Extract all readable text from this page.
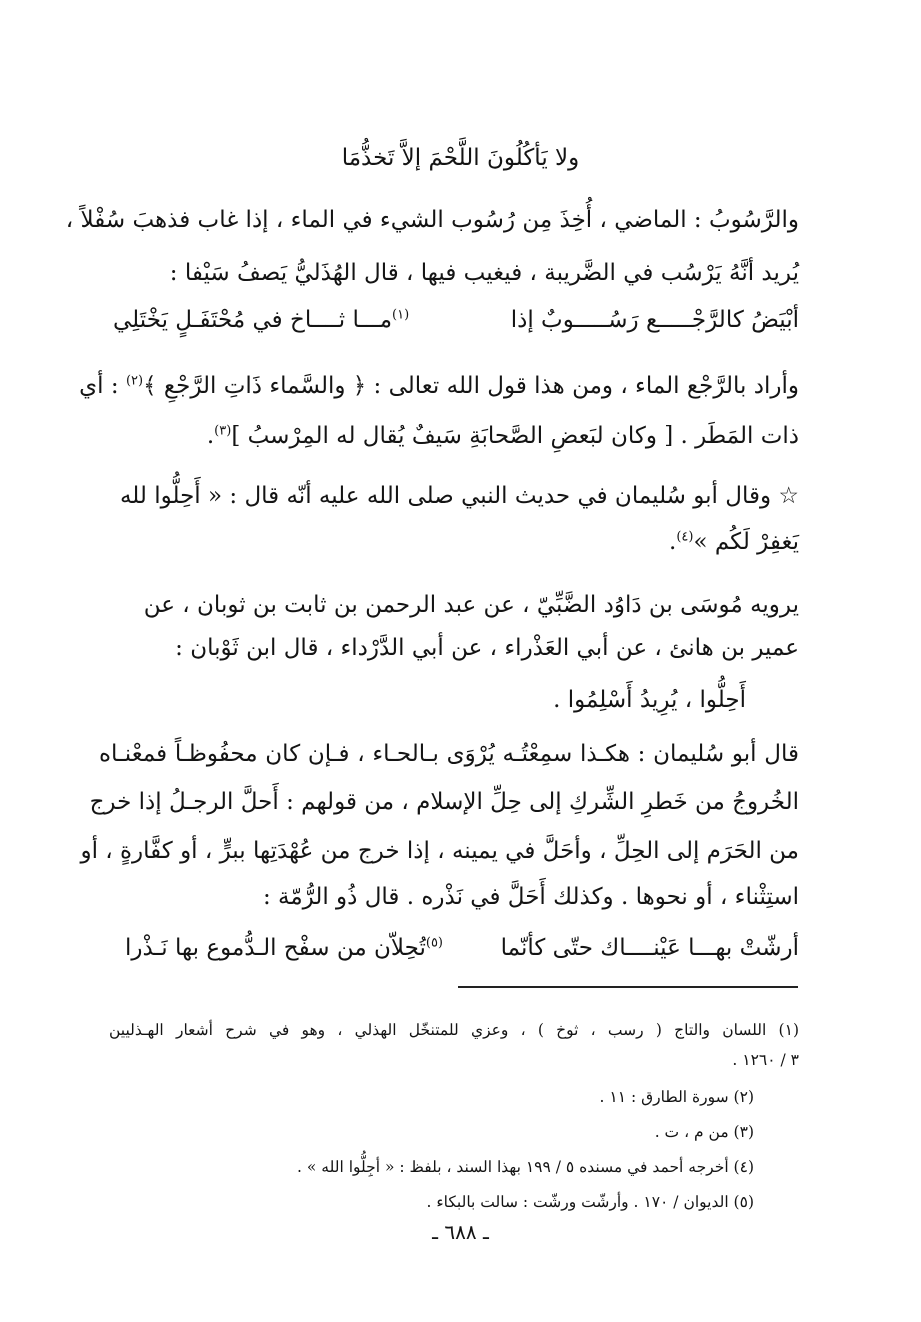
ولا يَأكُلُونَ اللَّحْمَ إلاَّ تَخذُّمَا
والرَّسُوبُ : الماضي ، أُخِذَ مِن رُسُوب الشيء في الماء ، إذا غاب فذهبَ سُفْلاً ،
يُريد أنَّهُ يَرْسُب في الضَّريبة ، فيغيب فيها ، قال الهُذَليُّ يَصفُ سَيْفا :
أبْيَضُ كالرَّجْـــــع رَسُـــــوبٌ إذا
$^{(١)}$مـــا ثــــاخ في مُحْتَفَـلٍ يَخْتَلِي
وأراد بالرَّجْع الماء ، ومن هذا قول الله تعالى : ﴿ والسَّماء ذَاتِ الرَّجْعِ ﴾$^{(٢)}$ : أي
ذات المَطَر . [ وكان لبَعضِ الصَّحابَةِ سَيفٌ يُقال له المِرْسبُ ]$^{(٣)}$.
☆ وقال أبو سُليمان في حديث النبي صلى الله عليه أنّه قال : « أَحِلُّوا لله
يَغفِرْ لَكُم »$^{(٤)}$.
يرويه مُوسَى بن دَاوُد الضَّبِّيّ ، عن عبد الرحمن بن ثابت بن ثوبان ، عن
عمير بن هانئ ، عن أبي العَذْراء ، عن أبي الدَّرْداء ، قال ابن ثَوْبان :
أَحِلُّوا ، يُرِيدُ أَسْلِمُوا .
قال أبو سُليمان : هكـذا سمِعْتُـه يُرْوَى بـالحـاء ، فـإن كان محفُوظـاً فمعْنـاه
الخُروجُ من خَطرِ الشِّركِ إلى حِلِّ الإسلام ، من قولهم : أَحلَّ الرجـلُ إذا خرج
من الحَرَم إلى الحِلِّ ، وأحَلَّ في يمينه ، إذا خرج من عُهْدَتِها ببرٍّ ، أو كفَّارةٍ ، أو
استِثْناء ، أو نحوها . وكذلك أَحَلَّ في نَذْره . قال ذُو الرُّمّة :
أرشّتْ بهـــا عَيْنــــاك حتّى كأنّما
$^{(٥)}$تُحِلاّن من سفْح الـدُّموع بها نَـذْرا
(١) اللسان والتاج ( رسب ، ثوخ ) ، وعزي للمتنخّل الهذلي ، وهو في شرح أشعار الهـذليين
٣ / ١٢٦٠ .
(٢) سورة الطارق : ١١ .
(٣) من م ، ت .
(٤) أخرجه أحمد في مسنده ٥ / ١٩٩ بهذا السند ، بلفظ : « أجِلُّوا الله » .
(٥) الديوان / ١٧٠ . وأرشّت ورشّت : سالت بالبكاء .
ـ ٦٨٨ ـ
